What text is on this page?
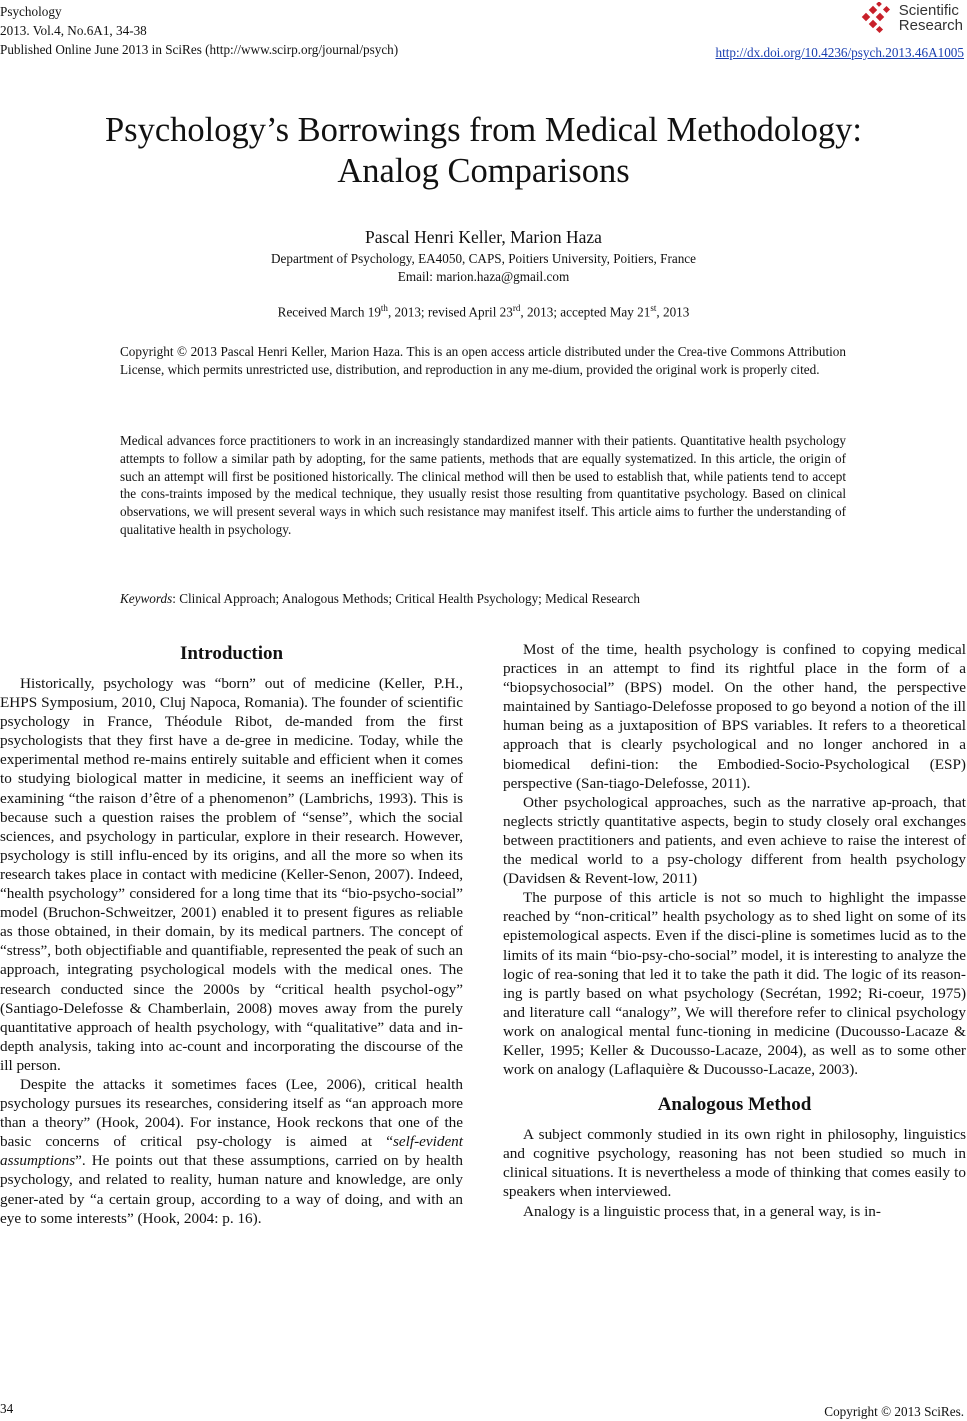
Psychology
2013. Vol.4, No.6A1, 34-38
Published Online June 2013 in SciRes (http://www.scirp.org/journal/psych)	http://dx.doi.org/10.4236/psych.2013.46A1005
Scientific
Research
Psychology’s Borrowings from Medical Methodology:
Analog Comparisons
Pascal Henri Keller, Marion Haza
Department of Psychology, EA4050, CAPS, Poitiers University, Poitiers, France
Email: marion.haza@gmail.com
Received March 19th, 2013; revised April 23rd, 2013; accepted May 21st, 2013

Copyright © 2013 Pascal Henri Keller, Marion Haza. This is an open access article distributed under the Crea-tive Commons Attribution License, which permits unrestricted use, distribution, and reproduction in any me-dium, provided the original work is properly cited.

Medical advances force practitioners to work in an increasingly standardized manner with their patients. Quantitative health psychology attempts to follow a similar path by adopting, for the same patients, methods that are equally systematized. In this article, the origin of such an attempt will first be positioned historically. The clinical method will then be used to establish that, while patients tend to accept the cons-traints imposed by the medical technique, they usually resist those resulting from quantitative psychology. Based on clinical observations, we will present several ways in which such resistance may manifest itself. This article aims to further the understanding of qualitative health in psychology.

Keywords: Clinical Approach; Analogous Methods; Critical Health Psychology; Medical Research

Introduction

Historically, psychology was “born” out of medicine (Keller, P.H., EHPS Symposium, 2010, Cluj Napoca, Romania). The founder of scientific psychology in France, Théodule Ribot, de-manded from the first psychologists that they first have a de-gree in medicine. Today, while the experimental method re-mains entirely suitable and efficient when it comes to studying biological matter in medicine, it seems an inefficient way of examining “the raison d’être of a phenomenon” (Lambrichs, 1993). This is because such a question raises the problem of “sense”, which the social sciences, and psychology in particular, explore in their research. However, psychology is still influ-enced by its origins, and all the more so when its research takes place in contact with medicine (Keller-Senon, 2007). Indeed, “health psychology” considered for a long time that its “bio-psycho-social” model (Bruchon-Schweitzer, 2001) enabled it to present figures as reliable as those obtained, in their domain, by its medical partners. The concept of “stress”, both objectifiable and quantifiable, represented the peak of such an approach, integrating psychological models with the medical ones. The research conducted since the 2000s by “critical health psychol-ogy” (Santiago-Delefosse & Chamberlain, 2008) moves away from the purely quantitative approach of health psychology, with “qualitative” data and in-depth analysis, taking into ac-count and incorporating the discourse of the ill person.

Despite the attacks it sometimes faces (Lee, 2006), critical health psychology pursues its researches, considering itself as “an approach more than a theory” (Hook, 2004). For instance, Hook reckons that one of the basic concerns of critical psy-chology is aimed at “self-evident assumptions”. He points out that these assumptions, carried on by health psychology, and related to reality, human nature and knowledge, are only gener-ated by “a certain group, according to a way of doing, and with an eye to some interests” (Hook, 2004: p. 16).

Most of the time, health psychology is confined to copying medical practices in an attempt to find its rightful place in the form of a “biopsychosocial” (BPS) model. On the other hand, the perspective maintained by Santiago-Delefosse proposed to go beyond a notion of the ill human being as a juxtaposition of BPS variables. It refers to a theoretical approach that is clearly psychological and no longer anchored in a biomedical defini-tion: the Embodied-Socio-Psychological (ESP) perspective (San-tiago-Delefosse, 2011).

Other psychological approaches, such as the narrative ap-proach, that neglects strictly quantitative aspects, begin to study closely oral exchanges between practitioners and patients, and even achieve to raise the interest of the medical world to a psy-chology different from health psychology (Davidsen & Revent-low, 2011)

The purpose of this article is not so much to highlight the impasse reached by “non-critical” health psychology as to shed light on some of its epistemological aspects. Even if the disci-pline is sometimes lucid as to the limits of its main “bio-psy-cho-social” model, it is interesting to analyze the logic of rea-soning that led it to take the path it did. The logic of its reason-ing is partly based on what psychology (Secrétan, 1992; Ri-coeur, 1975) and literature call “analogy”, We will therefore refer to clinical psychology work on analogical mental func-tioning in medicine (Ducousso-Lacaze & Keller, 1995; Keller & Ducousso-Lacaze, 2004), as well as to some other work on analogy (Laflaquière & Ducousso-Lacaze, 2003).

Analogous Method

A subject commonly studied in its own right in philosophy, linguistics and cognitive psychology, reasoning has not been studied so much in clinical situations. It is nevertheless a mode of thinking that comes easily to speakers when interviewed.

Analogy is a linguistic process that, in a general way, is in-

34	Copyright © 2013 SciRes.
